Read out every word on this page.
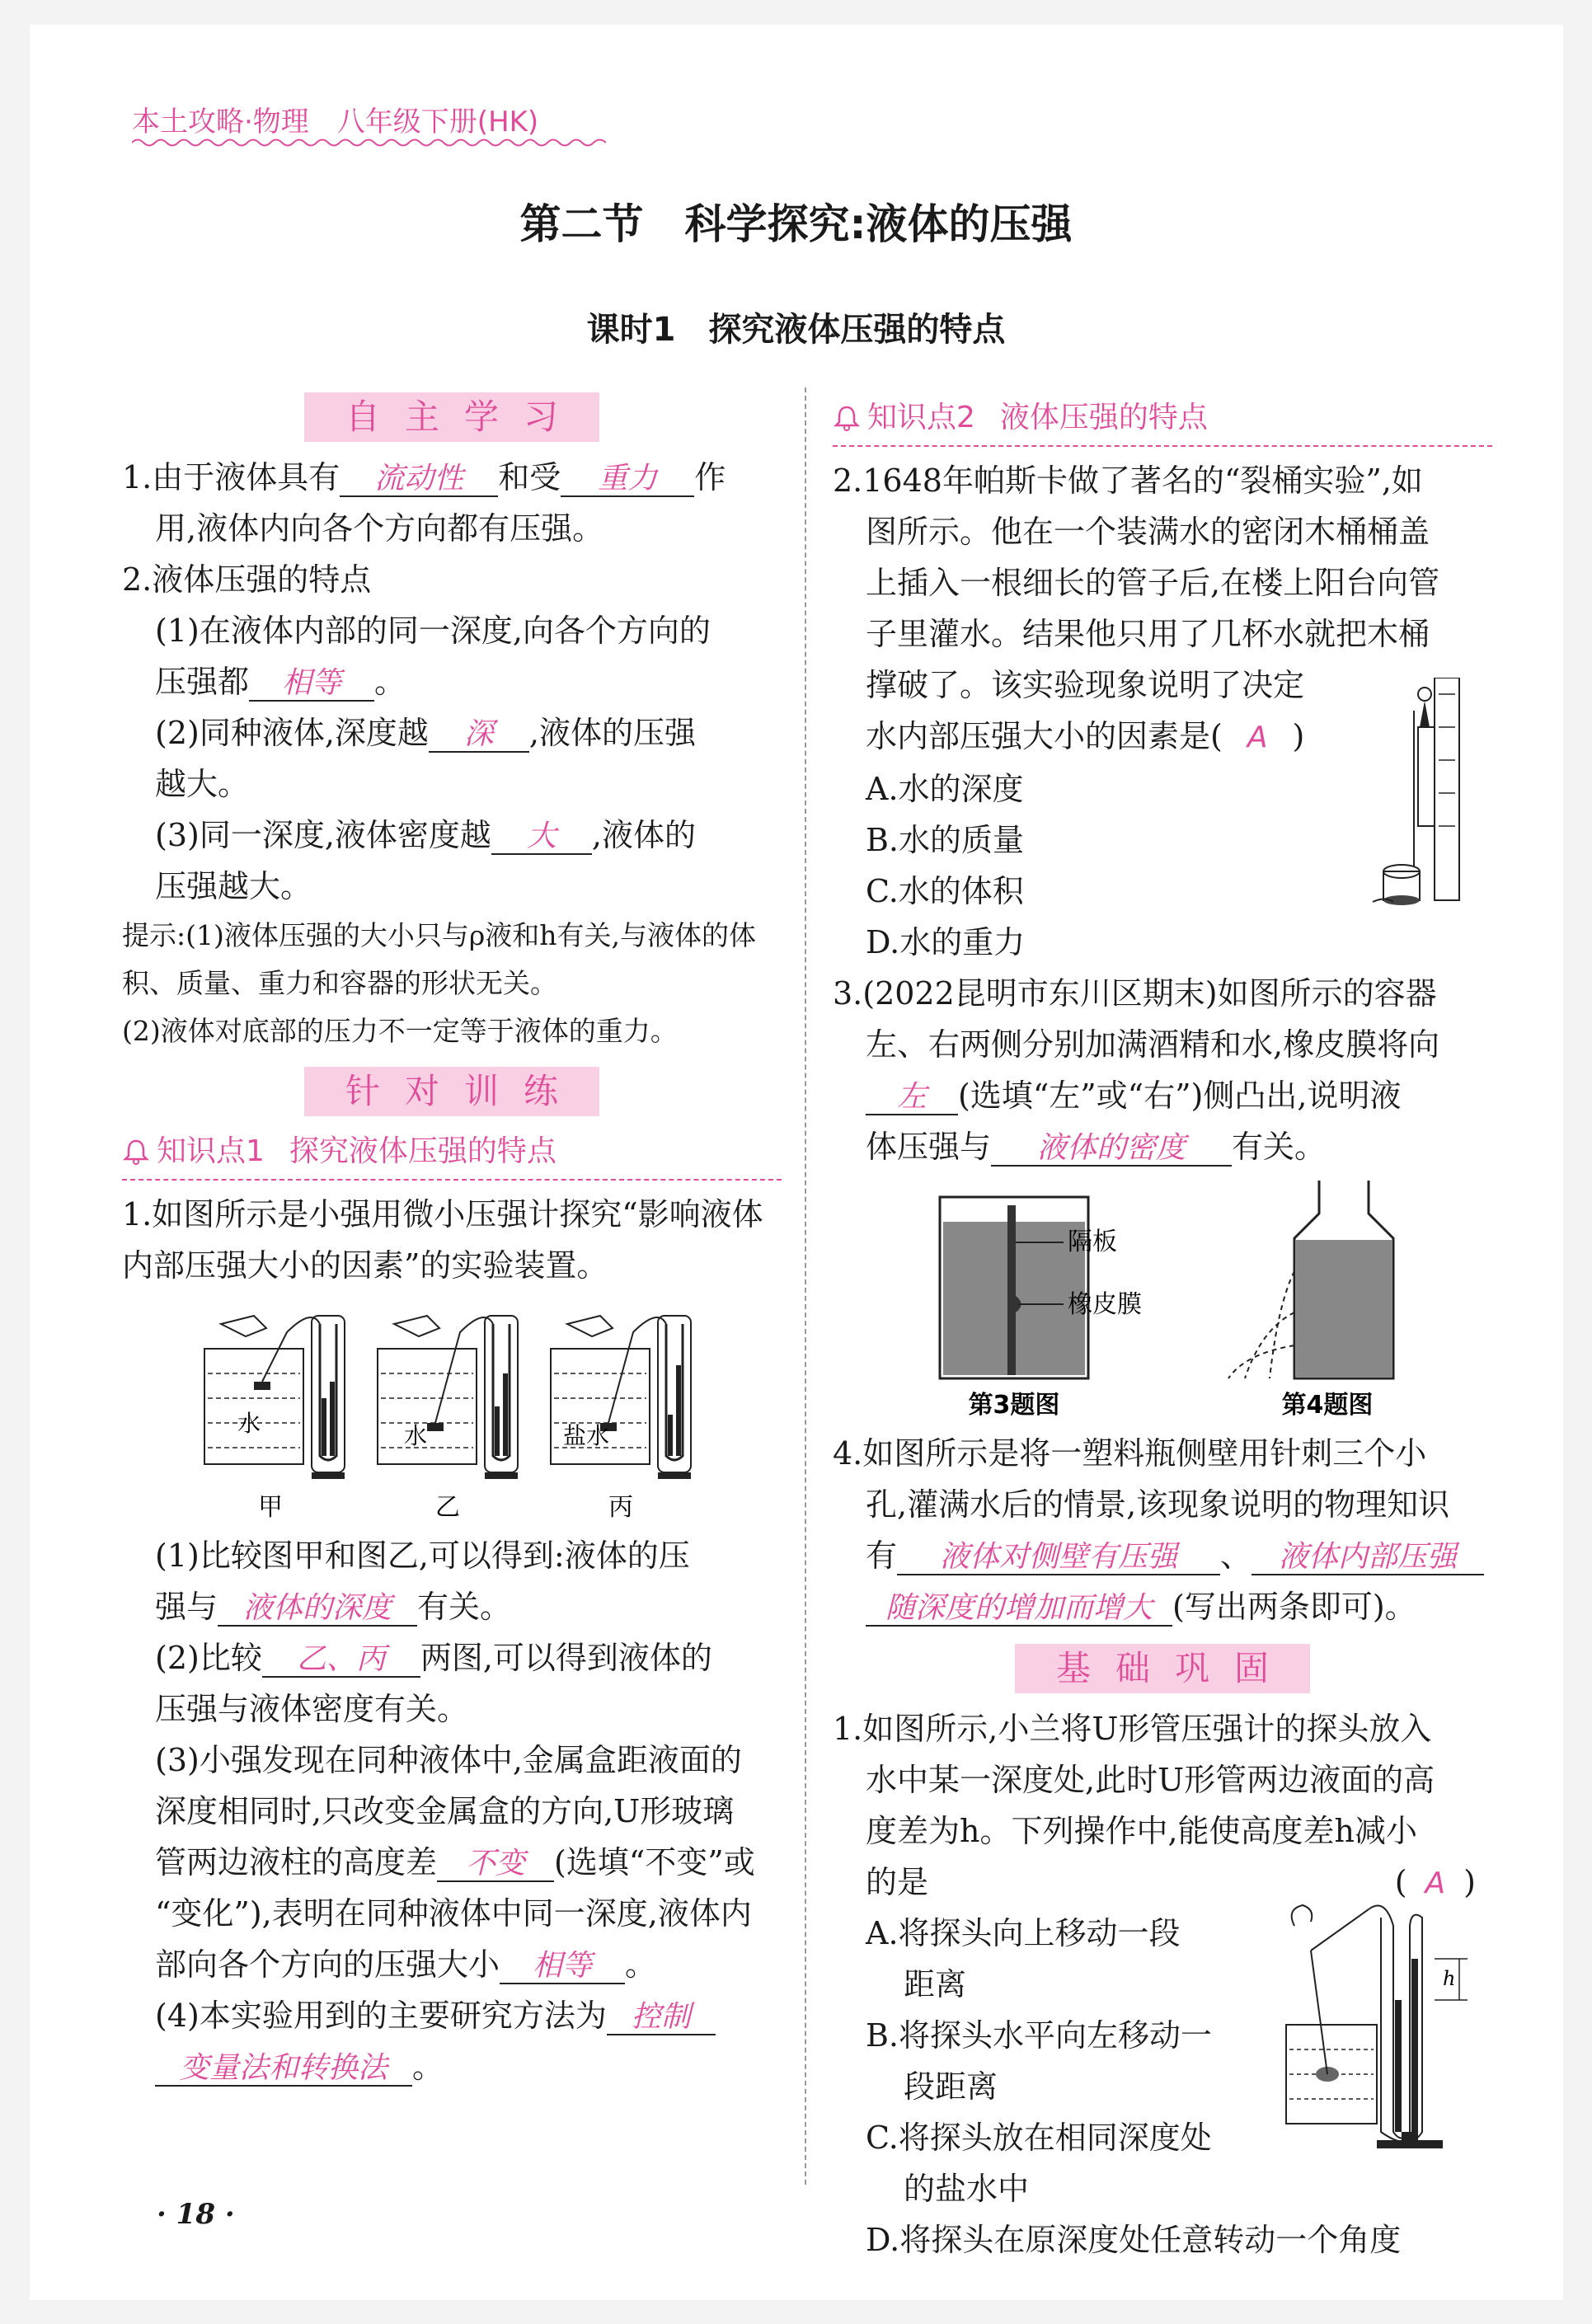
本土攻略·物理　八年级下册(HK)
第二节　科学探究:液体的压强
课时1　探究液体压强的特点
自主学习

1.由于液体具有 流动性 和受 重力 作

用,液体内向各个方向都有压强。

2.液体压强的特点

(1)在液体内部的同一深度,向各个方向的

压强都 相等 。

(2)同种液体,深度越 深 ,液体的压强

越大。

(3)同一深度,液体密度越 大 ,液体的

压强越大。

提示:(1)液体压强的大小只与ρ液和h有关,与液体的体积、质量、重力和容器的形状无关。

(2)液体对底部的压力不一定等于液体的重力。

针对训练
知识点1 探究液体压强的特点

1.如图所示是小强用微小压强计探究“影响液体内部压强大小的因素”的实验装置。

水	水	盐水
甲	乙	丙

(1)比较图甲和图乙,可以得到:液体的压

强与 液体的深度 有关。

(2)比较 乙、丙 两图,可以得到液体的

压强与液体密度有关。

(3)小强发现在同种液体中,金属盒距液面的

深度相同时,只改变金属盒的方向,U形玻璃

管两边液柱的高度差 不变 (选填“不变”或

“变化”),表明在同种液体中同一深度,液体内

部向各个方向的压强大小 相等 。

(4)本实验用到的主要研究方法为 控制

变量法和转换法 。

知识点2 液体压强的特点

2.1648年帕斯卡做了著名的“裂桶实验”,如

图所示。他在一个装满水的密闭木桶桶盖

上插入一根细长的管子后,在楼上阳台向管

子里灌水。结果他只用了几杯水就把木桶

撑破了。该实验现象说明了决定

水内部压强大小的因素是( A )

A.水的深度

B.水的质量

C.水的体积

D.水的重力

3.(2022昆明市东川区期末)如图所示的容器

左、右两侧分别加满酒精和水,橡皮膜将向

左 (选填“左”或“右”)侧凸出,说明液

体压强与 液体的密度 有关。

隔板
橡皮膜
第3题图	第4题图

4.如图所示是将一塑料瓶侧壁用针刺三个小

孔,灌满水后的情景,该现象说明的物理知识

有 液体对侧壁有压强 、 液体内部压强

随深度的增加而增大 (写出两条即可)。

基础巩固

1.如图所示,小兰将U形管压强计的探头放入

水中某一深度处,此时U形管两边液面的高

度差为h。下列操作中,能使高度差h减小

的是	( A )

A.将探头向上移动一段

距离

B.将探头水平向左移动一

段距离

C.将探头放在相同深度处

的盐水中

D.将探头在原深度处任意转动一个角度

h
· 18 ·
